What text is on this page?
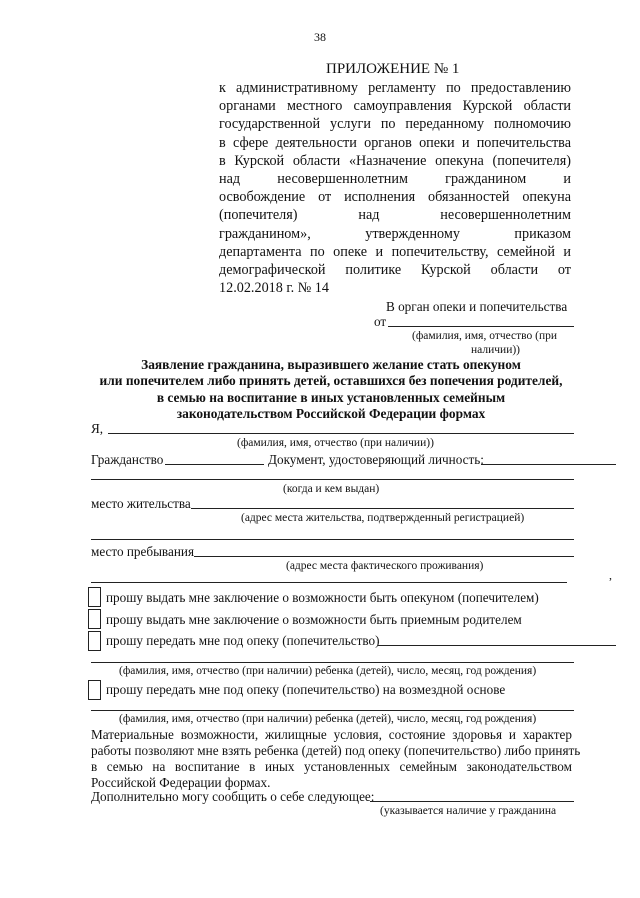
38
ПРИЛОЖЕНИЕ № 1
к административному регламенту по предоставлению
органами местного самоуправления Курской области
государственной услуги по переданному полномочию
в сфере деятельности органов опеки и попечительства
в Курской области «Назначение опекуна (попечителя)
над несовершеннолетним гражданином и
освобождение от исполнения обязанностей опекуна
(попечителя) над несовершеннолетним
гражданином», утвержденному приказом
департамента по опеке и попечительству, семейной и
демографической политике Курской области от
12.02.2018 г. № 14
В орган опеки и попечительства
от
(фамилия, имя, отчество (при
наличии))
Заявление гражданина, выразившего желание стать опекуном
или попечителем либо принять детей, оставшихся без попечения родителей,
в семью на воспитание в иных установленных семейным
законодательством Российской Федерации формах
Я,
(фамилия, имя, отчество (при наличии))
Гражданство	Документ, удостоверяющий личность:
(когда и кем выдан)
место жительства
(адрес места жительства, подтвержденный регистрацией)
место пребывания
(адрес места фактического проживания)
,
прошу выдать мне заключение о возможности быть опекуном (попечителем)
прошу выдать мне заключение о возможности быть приемным родителем
прошу передать мне под опеку (попечительство)
(фамилия, имя, отчество (при наличии) ребенка (детей), число, месяц, год рождения)
прошу передать мне под опеку (попечительство) на возмездной основе
(фамилия, имя, отчество (при наличии) ребенка (детей), число, месяц, год рождения)
Материальные возможности, жилищные условия, состояние здоровья и характер
работы позволяют мне взять ребенка (детей) под опеку (попечительство) либо принять
в семью на воспитание в иных установленных семейным законодательством
Российской Федерации формах.
Дополнительно могу сообщить о себе следующее:
(указывается наличие у гражданина
